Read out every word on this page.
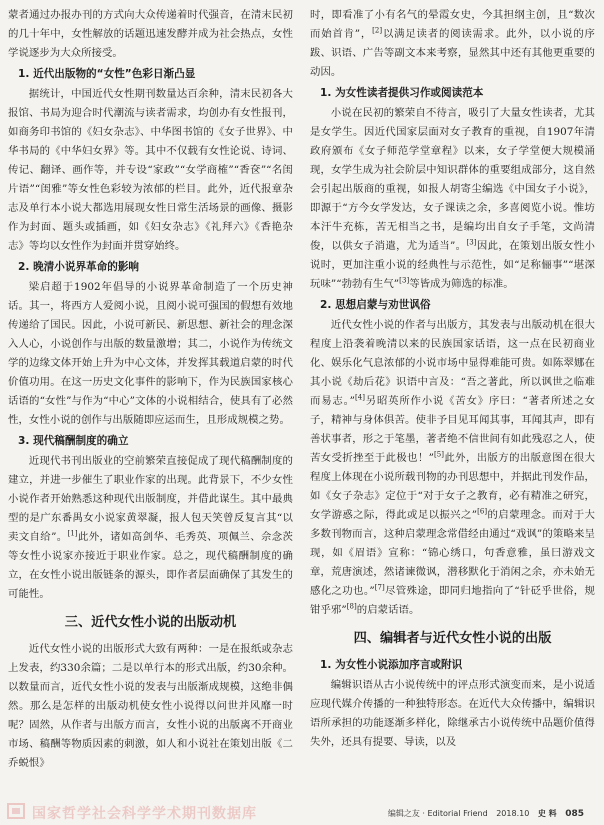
蒙者通过办报办刊的方式向大众传递着时代强音，在清末民初的几十年中，女性解放的话题迅速发酵并成为社会热点，女性学说逐步为大众所接受。

1. 近代出版物的“女性”色彩日渐凸显

据统计，中国近代女性期刊数量达百余种，清末民初各大报馆、书局为迎合时代潮流与读者需求，均创办有女性报刊，如商务印书馆的《妇女杂志》、中华图书馆的《女子世界》、中华书局的《中华妇女界》等。其中不仅载有女性论说、诗词、传记、翻译、画作等，并专设“家政”“女学商榷”“香奁”“名闺片语”“闺雅”等女性色彩较为浓郁的栏目。此外，近代报章杂志及单行本小说大都选用展现女性日常生活场景的画像、摄影作为封面、题头或插画，如《妇女杂志》《礼拜六》《香艳杂志》等均以女性作为封面并贯穿始终。

2. 晚清小说界革命的影响

梁启超于1902年倡导的小说界革命制造了一个历史神话。其一，将西方人爱阅小说，且阅小说可强国的假想有效地传递给了国民。因此，小说可新民、新思想、新社会的理念深入人心，小说创作与出版的数量激增；其二，小说作为传统文学的边缘文体开始上升为中心文体，并发挥其载道启蒙的时代价值功用。在这一历史文化事件的影响下，作为民族国家核心话语的“女性”与作为“中心”文体的小说相结合，使具有了必然性，女性小说的创作与出版随即应运而生，且形成规模之势。

3. 现代稿酬制度的确立

近现代书刊出版业的空前繁荣直接促成了现代稿酬制度的建立，并进一步催生了职业作家的出现。此背景下，不少女性小说作者开始熟悉这种现代出版制度，并借此谋生。其中最典型的是广东番禺女小说家黄翠凝，报人包天笑曾反复言其“以卖文自给”。[1]此外，诸如高剑华、毛秀英、项佩兰、佘念茨等女性小说家亦接近于职业作家。总之，现代稿酬制度的确立，在女性小说出版链条的源头，即作者层面确保了其发生的可能性。

三、近代女性小说的出版动机

近代女性小说的出版形式大致有两种：一是在报纸或杂志上发表，约330余篇；二是以单行本的形式出版，约30余种。以数量而言，近代女性小说的发表与出版渐成规模，这绝非偶然。那么是怎样的出版动机使女性小说得以问世并风靡一时呢？固然，从作者与出版方而言，女性小说的出版离不开商业市场、稿酬等物质因素的刺激，如人和小说社在策划出版《二乔蜕恨》

时，即看准了小有名气的晕霞女史，今其担纲主创，且“数次而始首肯”，[2]以满足读者的阅读需求。此外，以小说的序跋、识语、广告等副文本来考察，显然其中还有其他更重要的动因。

1. 为女性读者提供习作或阅读范本

小说在民初的繁荣自不待言，吸引了大量女性读者，尤其是女学生。因近代国家层面对女子教育的重视，自1907年清政府颁布《女子师范学堂章程》以来，女子学堂便大规模涌现，女学生成为社会阶层中知识群体的重要组成部分，这自然会引起出版商的重视，如报人胡寄尘编选《中国女子小说》，即源于“方今女学发达，女子课读之余，多喜阅览小说。惟坊本汗牛充栋，苦无相当之书，是编均出自女子手笔，文尚清俊，以供女子消遣，尤为适当”。[3]因此，在策划出版女性小说时，更加注重小说的经典性与示范性，如“足称俪事”“堪深玩味”“勃勃有生气”[3]等皆成为筛选的标准。

2. 思想启蒙与劝世讽俗

近代女性小说的作者与出版方，其发表与出版动机在很大程度上沿袭着晚清以来的民族国家话语，这一点在民初商业化、娱乐化气息浓郁的小说市场中显得难能可贵。如陈翠娜在其小说《劫后花》识语中言及：“吾之著此，所以讽世之临难而易志。”[4]另昭英所作小说《苦女》序曰：“著者所述之女子，精神与身体俱苦。使非予目见耳闻其事，耳闻其声，即有善状事者，形之于笔墨，著者绝不信世间有如此残忍之人，使苦女受折挫至于此极也！”[5]此外，出版方的出版意图在很大程度上体现在小说所载刊物的办刊思想中，并据此刊发作品，如《女子杂志》定位于“对于女子之教育，必有精准之研究，女学游惑之际，得此或足以振兴之”[6]的启蒙理念。而对于大多数刊物而言，这种启蒙理念常借经由通过“戏讽”的策略来呈现，如《眉语》宣称：“锦心绣口，句香意雅，虽曰游戏文章，荒唐演述，然诸谏微讽，潜移默化于消闲之余，亦未始无感化之功也。”[7]尽管殊途，即同归地指向了“针砭乎世俗，规钳乎邪”[8]的启蒙话语。

四、编辑者与近代女性小说的出版
1. 为女性小说添加序言或附识

编辑识语从古小说传统中的评点形式演变而来，是小说适应现代媒介传播的一种独特形态。在近代大众传播中，编辑识语所承担的功能逐渐多样化，除继承古小说传统中品题价值得失外，还具有提要、导读，以及

国家哲学社会科学学术期刊数据库	编辑之友 · Editorial Friend 2018.10 史 料 085
